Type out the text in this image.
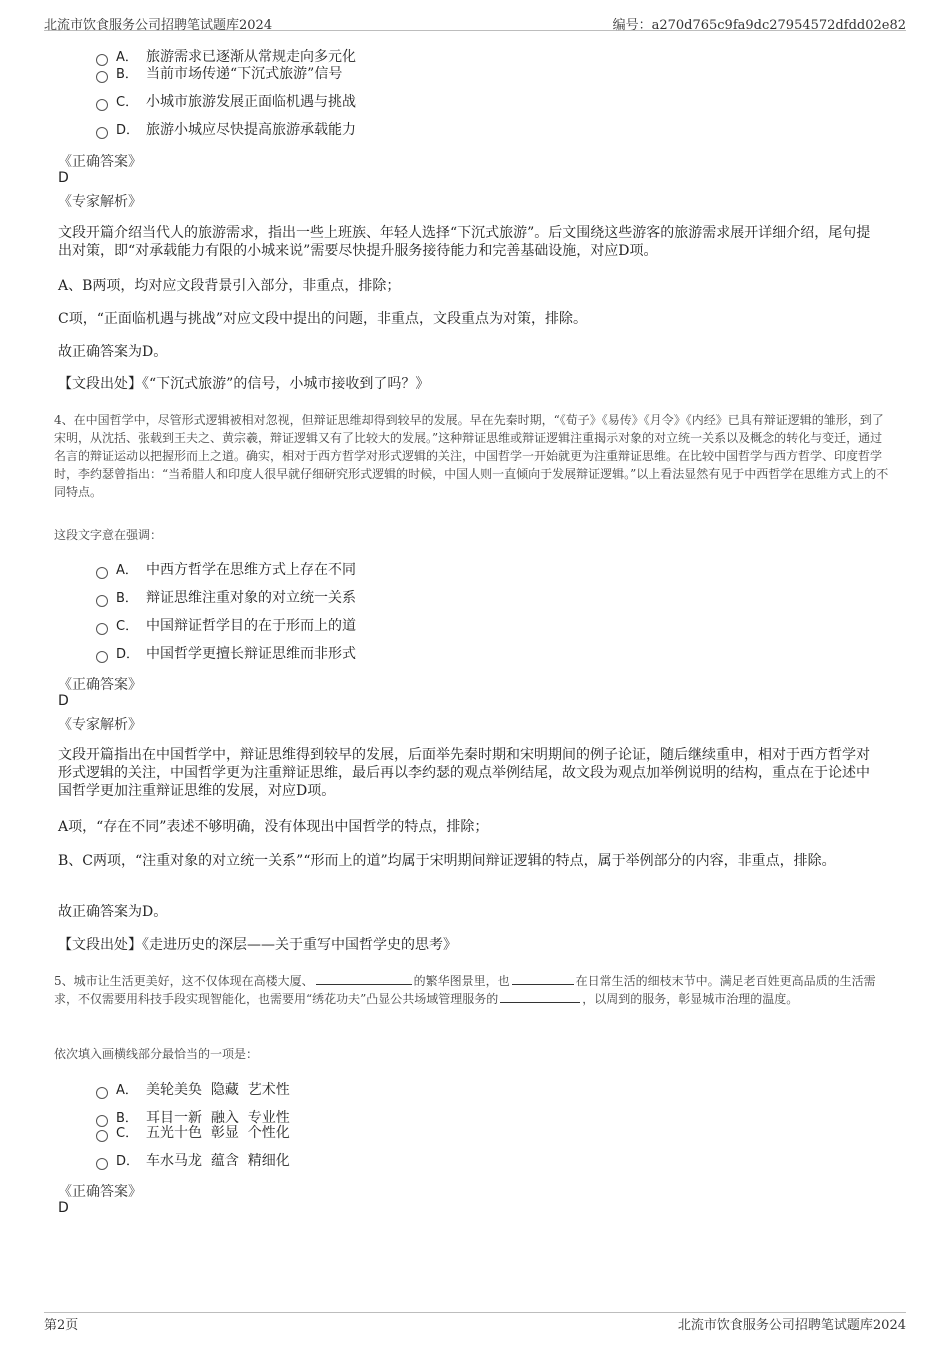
北流市饮食服务公司招聘笔试题库2024	编号：a270d765c9fa9dc27954572dfdd02e82
A． 旅游需求已逐渐从常规走向多元化
B． 当前市场传递“下沉式旅游”信号
C． 小城市旅游发展正面临机遇与挑战
D． 旅游小城应尽快提高旅游承载能力
《正确答案》
D
《专家解析》
文段开篇介绍当代人的旅游需求，指出一些上班族、年轻人选择“下沉式旅游”。后文围绕这些游客的旅游需求展开详细介绍，尾句提出对策，即“对承载能力有限的小城来说”需要尽快提升服务接待能力和完善基础设施，对应D项。
A、B两项，均对应文段背景引入部分，非重点，排除；
C项，“正面临机遇与挑战”对应文段中提出的问题，非重点，文段重点为对策，排除。
故正确答案为D。
【文段出处】《“下沉式旅游”的信号，小城市接收到了吗？》
4、在中国哲学中，尽管形式逻辑被相对忽视，但辩证思维却得到较早的发展。早在先秦时期，“《荀子》《易传》《月令》《内经》已具有辩证逻辑的雏形，到了宋明，从沈括、张载到王夫之、黄宗羲，辩证逻辑又有了比较大的发展。”这种辩证思维或辩证逻辑注重揭示对象的对立统一关系以及概念的转化与变迁，通过名言的辩证运动以把握形而上之道。确实，相对于西方哲学对形式逻辑的关注，中国哲学一开始就更为注重辩证思维。在比较中国哲学与西方哲学、印度哲学时，李约瑟曾指出：“当希腊人和印度人很早就仔细研究形式逻辑的时候，中国人则一直倾向于发展辩证逻辑。”以上看法显然有见于中西哲学在思维方式上的不同特点。
这段文字意在强调：
A． 中西方哲学在思维方式上存在不同
B． 辩证思维注重对象的对立统一关系
C． 中国辩证哲学目的在于形而上的道
D． 中国哲学更擅长辩证思维而非形式
《正确答案》
D
《专家解析》
文段开篇指出在中国哲学中，辩证思维得到较早的发展，后面举先秦时期和宋明期间的例子论证，随后继续重申，相对于西方哲学对形式逻辑的关注，中国哲学更为注重辩证思维，最后再以李约瑟的观点举例结尾，故文段为观点加举例说明的结构，重点在于论述中国哲学更加注重辩证思维的发展，对应D项。
A项，“存在不同”表述不够明确，没有体现出中国哲学的特点，排除；
B、C两项，“注重对象的对立统一关系”“形而上的道”均属于宋明期间辩证逻辑的特点，属于举例部分的内容，非重点，排除。
故正确答案为D。
【文段出处】《走进历史的深层——关于重写中国哲学史的思考》
5、城市让生活更美好，这不仅体现在高楼大厦、	的繁华图景里，也	在日常生活的细枝末节中。满足老百姓更高品质的生活需求，不仅需要用科技手段实现智能化，也需要用“绣花功夫”凸显公共场域管理服务的	，以周到的服务，彰显城市治理的温度。
依次填入画横线部分最恰当的一项是：
A． 美轮美奂  隐藏  艺术性
B． 耳目一新  融入  专业性
C． 五光十色  彰显  个性化
D． 车水马龙  蕴含  精细化
《正确答案》
D
第2页	北流市饮食服务公司招聘笔试题库2024
